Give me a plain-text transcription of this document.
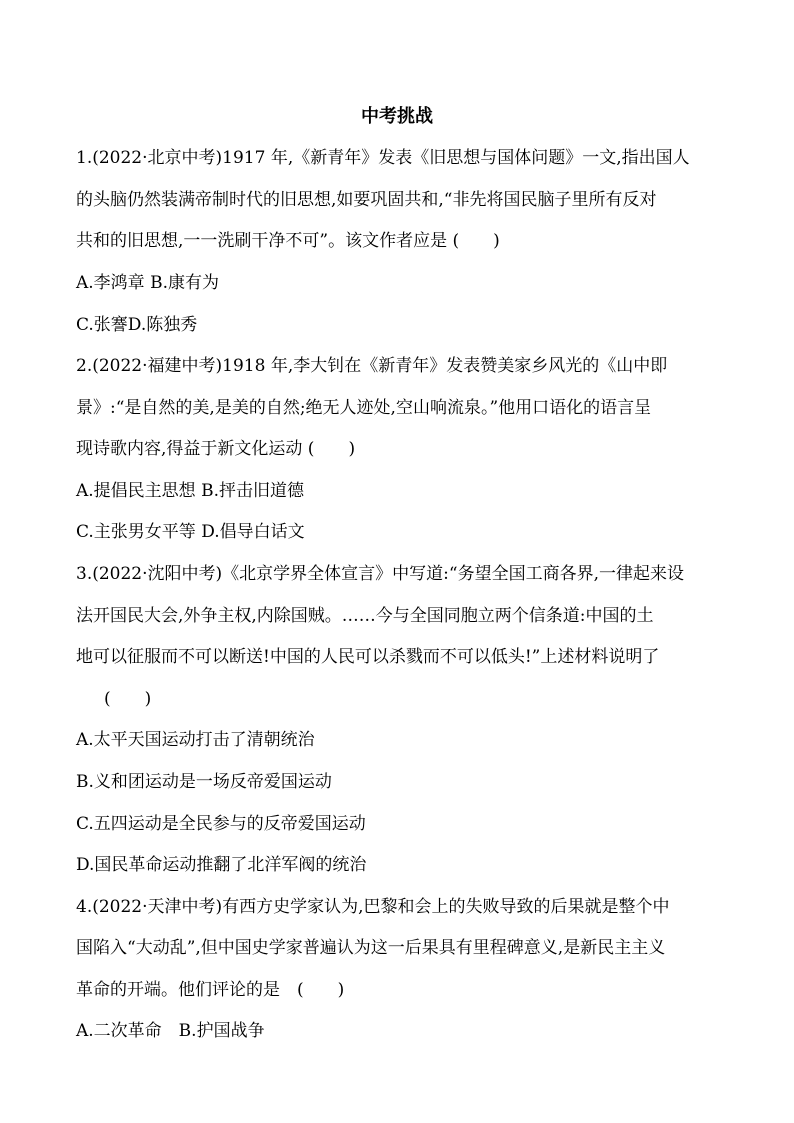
中考挑战
1.(2022·北京中考)1917 年,《新青年》发表《旧思想与国体问题》一文,指出国人
的头脑仍然装满帝制时代的旧思想,如要巩固共和,“非先将国民脑子里所有反对
共和的旧思想,一一洗刷干净不可”。该文作者应是 (　　)
A.李鸿章 B.康有为
C.张謇D.陈独秀
2.(2022·福建中考)1918 年,李大钊在《新青年》发表赞美家乡风光的《山中即
景》:“是自然的美,是美的自然;绝无人迹处,空山响流泉。”他用口语化的语言呈
现诗歌内容,得益于新文化运动 (　　)
A.提倡民主思想 B.抨击旧道德
C.主张男女平等 D.倡导白话文
3.(2022·沈阳中考)《北京学界全体宣言》中写道:“务望全国工商各界,一律起来设
法开国民大会,外争主权,内除国贼。……今与全国同胞立两个信条道:中国的土
地可以征服而不可以断送!中国的人民可以杀戮而不可以低头!”上述材料说明了
(　　)
A.太平天国运动打击了清朝统治
B.义和团运动是一场反帝爱国运动
C.五四运动是全民参与的反帝爱国运动
D.国民革命运动推翻了北洋军阀的统治
4.(2022·天津中考)有西方史学家认为,巴黎和会上的失败导致的后果就是整个中
国陷入“大动乱”,但中国史学家普遍认为这一后果具有里程碑意义,是新民主主义
革命的开端。他们评论的是　(　　)
A.二次革命　B.护国战争
